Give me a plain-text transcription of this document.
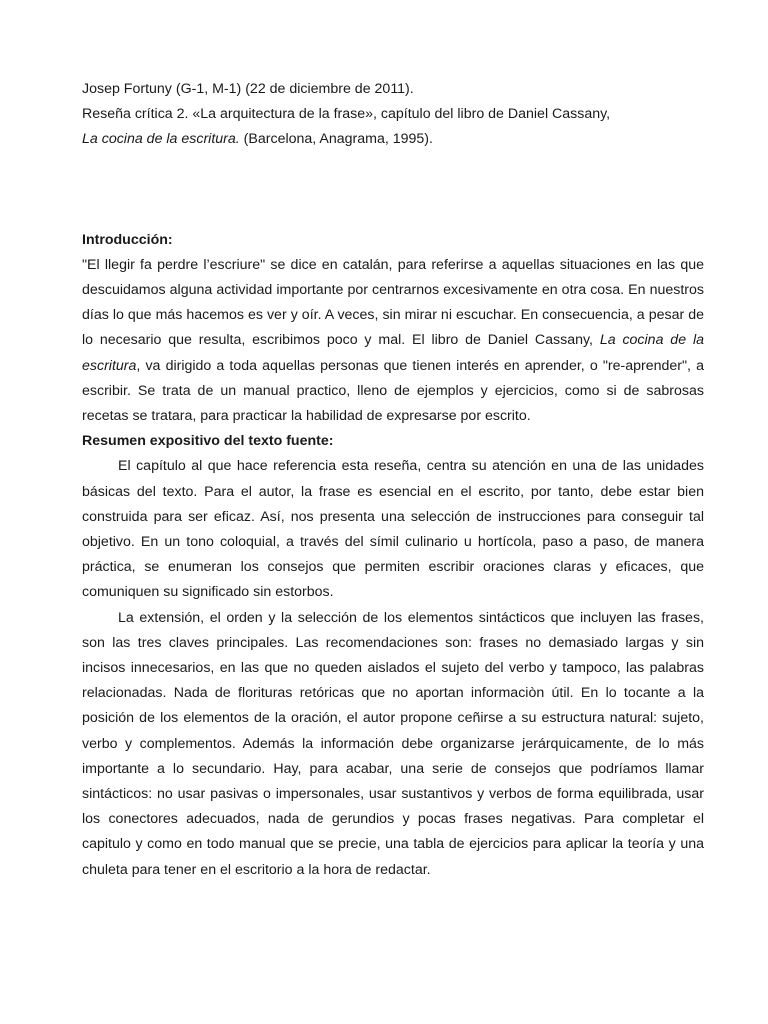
Josep Fortuny (G-1, M-1) (22 de diciembre de 2011).

Reseña crítica 2. «La arquitectura de la frase», capítulo del libro de Daniel Cassany,

La cocina de la escritura. (Barcelona, Anagrama, 1995).

Introducción:

"El llegir fa perdre l’escriure" se dice en catalán, para referirse a aquellas situaciones en las que descuidamos alguna actividad importante por centrarnos excesivamente en otra cosa. En nuestros días lo que más hacemos es ver y oír. A veces, sin mirar ni escuchar. En consecuencia, a pesar de lo necesario que resulta, escribimos poco y mal. El libro de Daniel Cassany, La cocina de la escritura, va dirigido a toda aquellas personas que tienen interés en aprender, o "re-aprender", a escribir. Se trata de un manual practico, lleno de ejemplos y ejercicios, como si de sabrosas recetas se tratara, para practicar la habilidad de expresarse por escrito.

Resumen expositivo del texto fuente:

El capítulo al que hace referencia esta reseña, centra su atención en una de las unidades básicas del texto. Para el autor, la frase es esencial en el escrito, por tanto, debe estar bien construida para ser eficaz. Así, nos presenta una selección de instrucciones para conseguir tal objetivo. En un tono coloquial, a través del símil culinario u hortícola, paso a paso, de manera práctica, se enumeran los consejos que permiten escribir oraciones claras y eficaces, que comuniquen su significado sin estorbos.

La extensión, el orden y la selección de los elementos sintácticos que incluyen las frases, son las tres claves principales. Las recomendaciones son: frases no demasiado largas y sin incisos innecesarios, en las que no queden aislados el sujeto del verbo y tampoco, las palabras relacionadas. Nada de florituras retóricas que no aportan informaciòn útil. En lo tocante a la posición de los elementos de la oración, el autor propone ceñirse a su estructura natural: sujeto, verbo y complementos. Además la información debe organizarse jerárquicamente, de lo más importante a lo secundario. Hay, para acabar, una serie de consejos que podríamos llamar sintácticos: no usar pasivas o impersonales, usar sustantivos y verbos de forma equilibrada, usar los conectores adecuados, nada de gerundios y pocas frases negativas. Para completar el capitulo y como en todo manual que se precie, una tabla de ejercicios para aplicar la teoría y una chuleta para tener en el escritorio a la hora de redactar.
